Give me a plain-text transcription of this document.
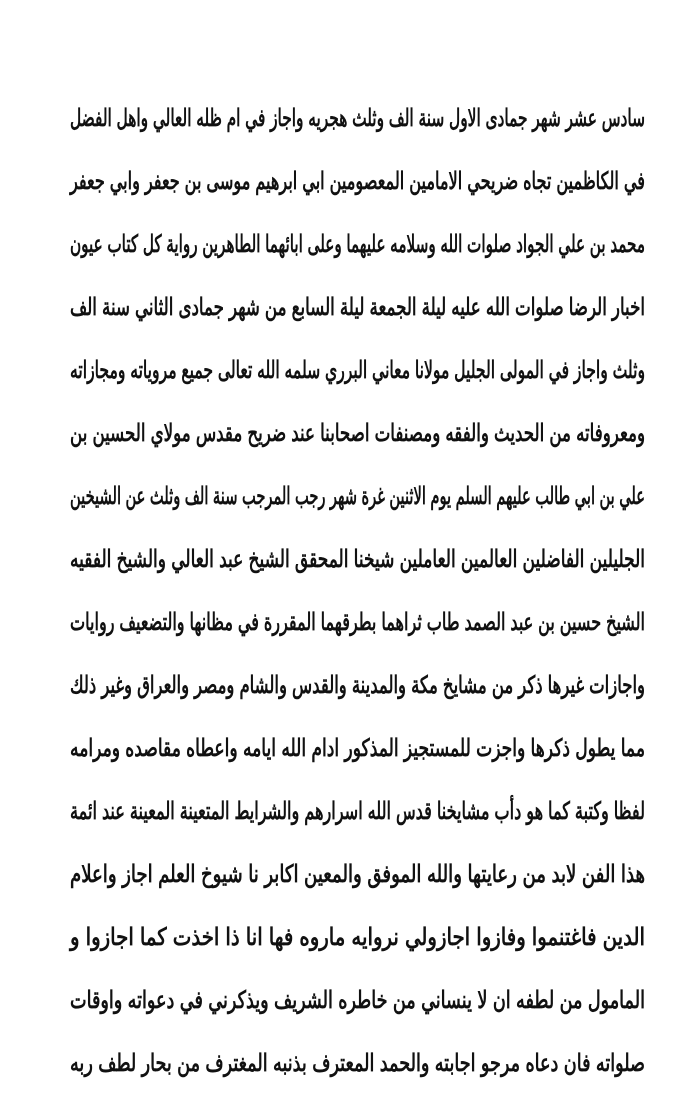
سادس عشر شهر جمادى الاول سنة الف وثلث هجريه واجاز في ام ظله العالي واهل الفضل
في الكاظمين تجاه ضريحي الامامين المعصومين ابي ابرهيم موسى بن جعفر وابي جعفر
محمد بن علي الجواد صلوات الله وسلامه عليهما وعلى ابائهما الطاهرين رواية كل كتاب عيون
اخبار الرضا صلوات الله عليه ليلة الجمعة ليلة السابع من شهر جمادى الثاني سنة الف
وثلث واجاز في المولى الجليل مولانا معاني البرري سلمه الله تعالى جميع مروياته ومجازاته
ومعروفاته من الحديث والفقه ومصنفات اصحابنا عند ضريح مقدس مولاي الحسين بن
علي بن ابي طالب عليهم السلم يوم الاثنين غرة شهر رجب المرجب سنة الف وثلث عن الشيخين
الجليلين الفاضلين العالمين العاملين شيخنا المحقق الشيخ عبد العالي والشيخ الفقيه
الشيخ حسين بن عبد الصمد طاب ثراهما بطرقهما المقررة في مظانها والتضعيف روايات
واجازات غيرها ذكر من مشايخ مكة والمدينة والقدس والشام ومصر والعراق وغير ذلك
مما يطول ذكرها واجزت للمستجيز المذكور ادام الله ايامه واعطاه مقاصده ومرامه
لفظا وكتبة كما هو دأب مشايخنا قدس الله اسرارهم والشرايط المتعينة المعينة عند ائمة
هذا الفن لابد من رعايتها والله الموفق والمعين اكابر نا شيوخ العلم اجاز واعلام
الدين فاغتنموا وفازوا اجازولي نروايه ماروه فها انا ذا اخذت كما اجازوا و
المامول من لطفه ان لا ينساني من خاطره الشريف ويذكرني في دعواته واوقات
صلواته فان دعاه مرجو اجابته والحمد المعترف بذنبه المغترف من بحار لطف ربه
